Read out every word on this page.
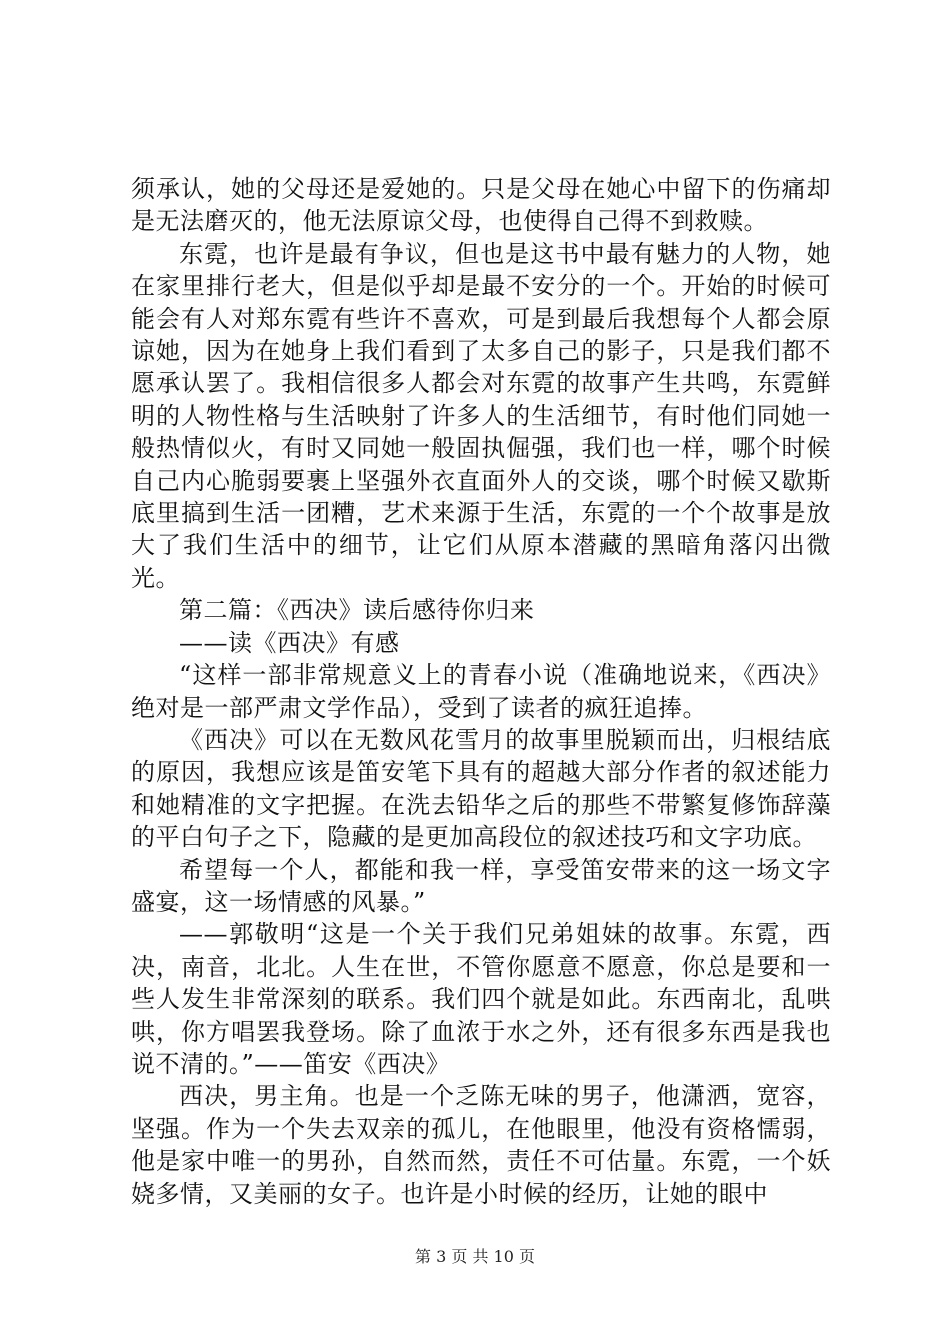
须承认，她的父母还是爱她的。只是父母在她心中留下的伤痛却是无法磨灭的，他无法原谅父母，也使得自己得不到救赎。

东霓，也许是最有争议，但也是这书中最有魅力的人物，她在家里排行老大，但是似乎却是最不安分的一个。开始的时候可能会有人对郑东霓有些许不喜欢，可是到最后我想每个人都会原谅她，因为在她身上我们看到了太多自己的影子，只是我们都不愿承认罢了。我相信很多人都会对东霓的故事产生共鸣，东霓鲜明的人物性格与生活映射了许多人的生活细节，有时他们同她一般热情似火，有时又同她一般固执倔强，我们也一样，哪个时候自己内心脆弱要裹上坚强外衣直面外人的交谈，哪个时候又歇斯底里搞到生活一团糟，艺术来源于生活，东霓的一个个故事是放大了我们生活中的细节，让它们从原本潜藏的黑暗角落闪出微光。

第二篇：《西决》读后感待你归来

——读《西决》有感

“这样一部非常规意义上的青春小说（准确地说来，《西决》绝对是一部严肃文学作品），受到了读者的疯狂追捧。

《西决》可以在无数风花雪月的故事里脱颖而出，归根结底的原因，我想应该是笛安笔下具有的超越大部分作者的叙述能力和她精准的文字把握。在洗去铅华之后的那些不带繁复修饰辞藻的平白句子之下，隐藏的是更加高段位的叙述技巧和文字功底。

希望每一个人，都能和我一样，享受笛安带来的这一场文字盛宴，这一场情感的风暴。”

——郭敬明“这是一个关于我们兄弟姐妹的故事。东霓，西决，南音，北北。人生在世，不管你愿意不愿意，你总是要和一些人发生非常深刻的联系。我们四个就是如此。东西南北，乱哄哄，你方唱罢我登场。除了血浓于水之外，还有很多东西是我也说不清的。”——笛安《西决》

西决，男主角。也是一个乏陈无味的男子，他潇洒，宽容，坚强。作为一个失去双亲的孤儿，在他眼里，他没有资格懦弱，他是家中唯一的男孙，自然而然，责任不可估量。东霓，一个妖娆多情，又美丽的女子。也许是小时候的经历，让她的眼中

第 3 页 共 10 页
